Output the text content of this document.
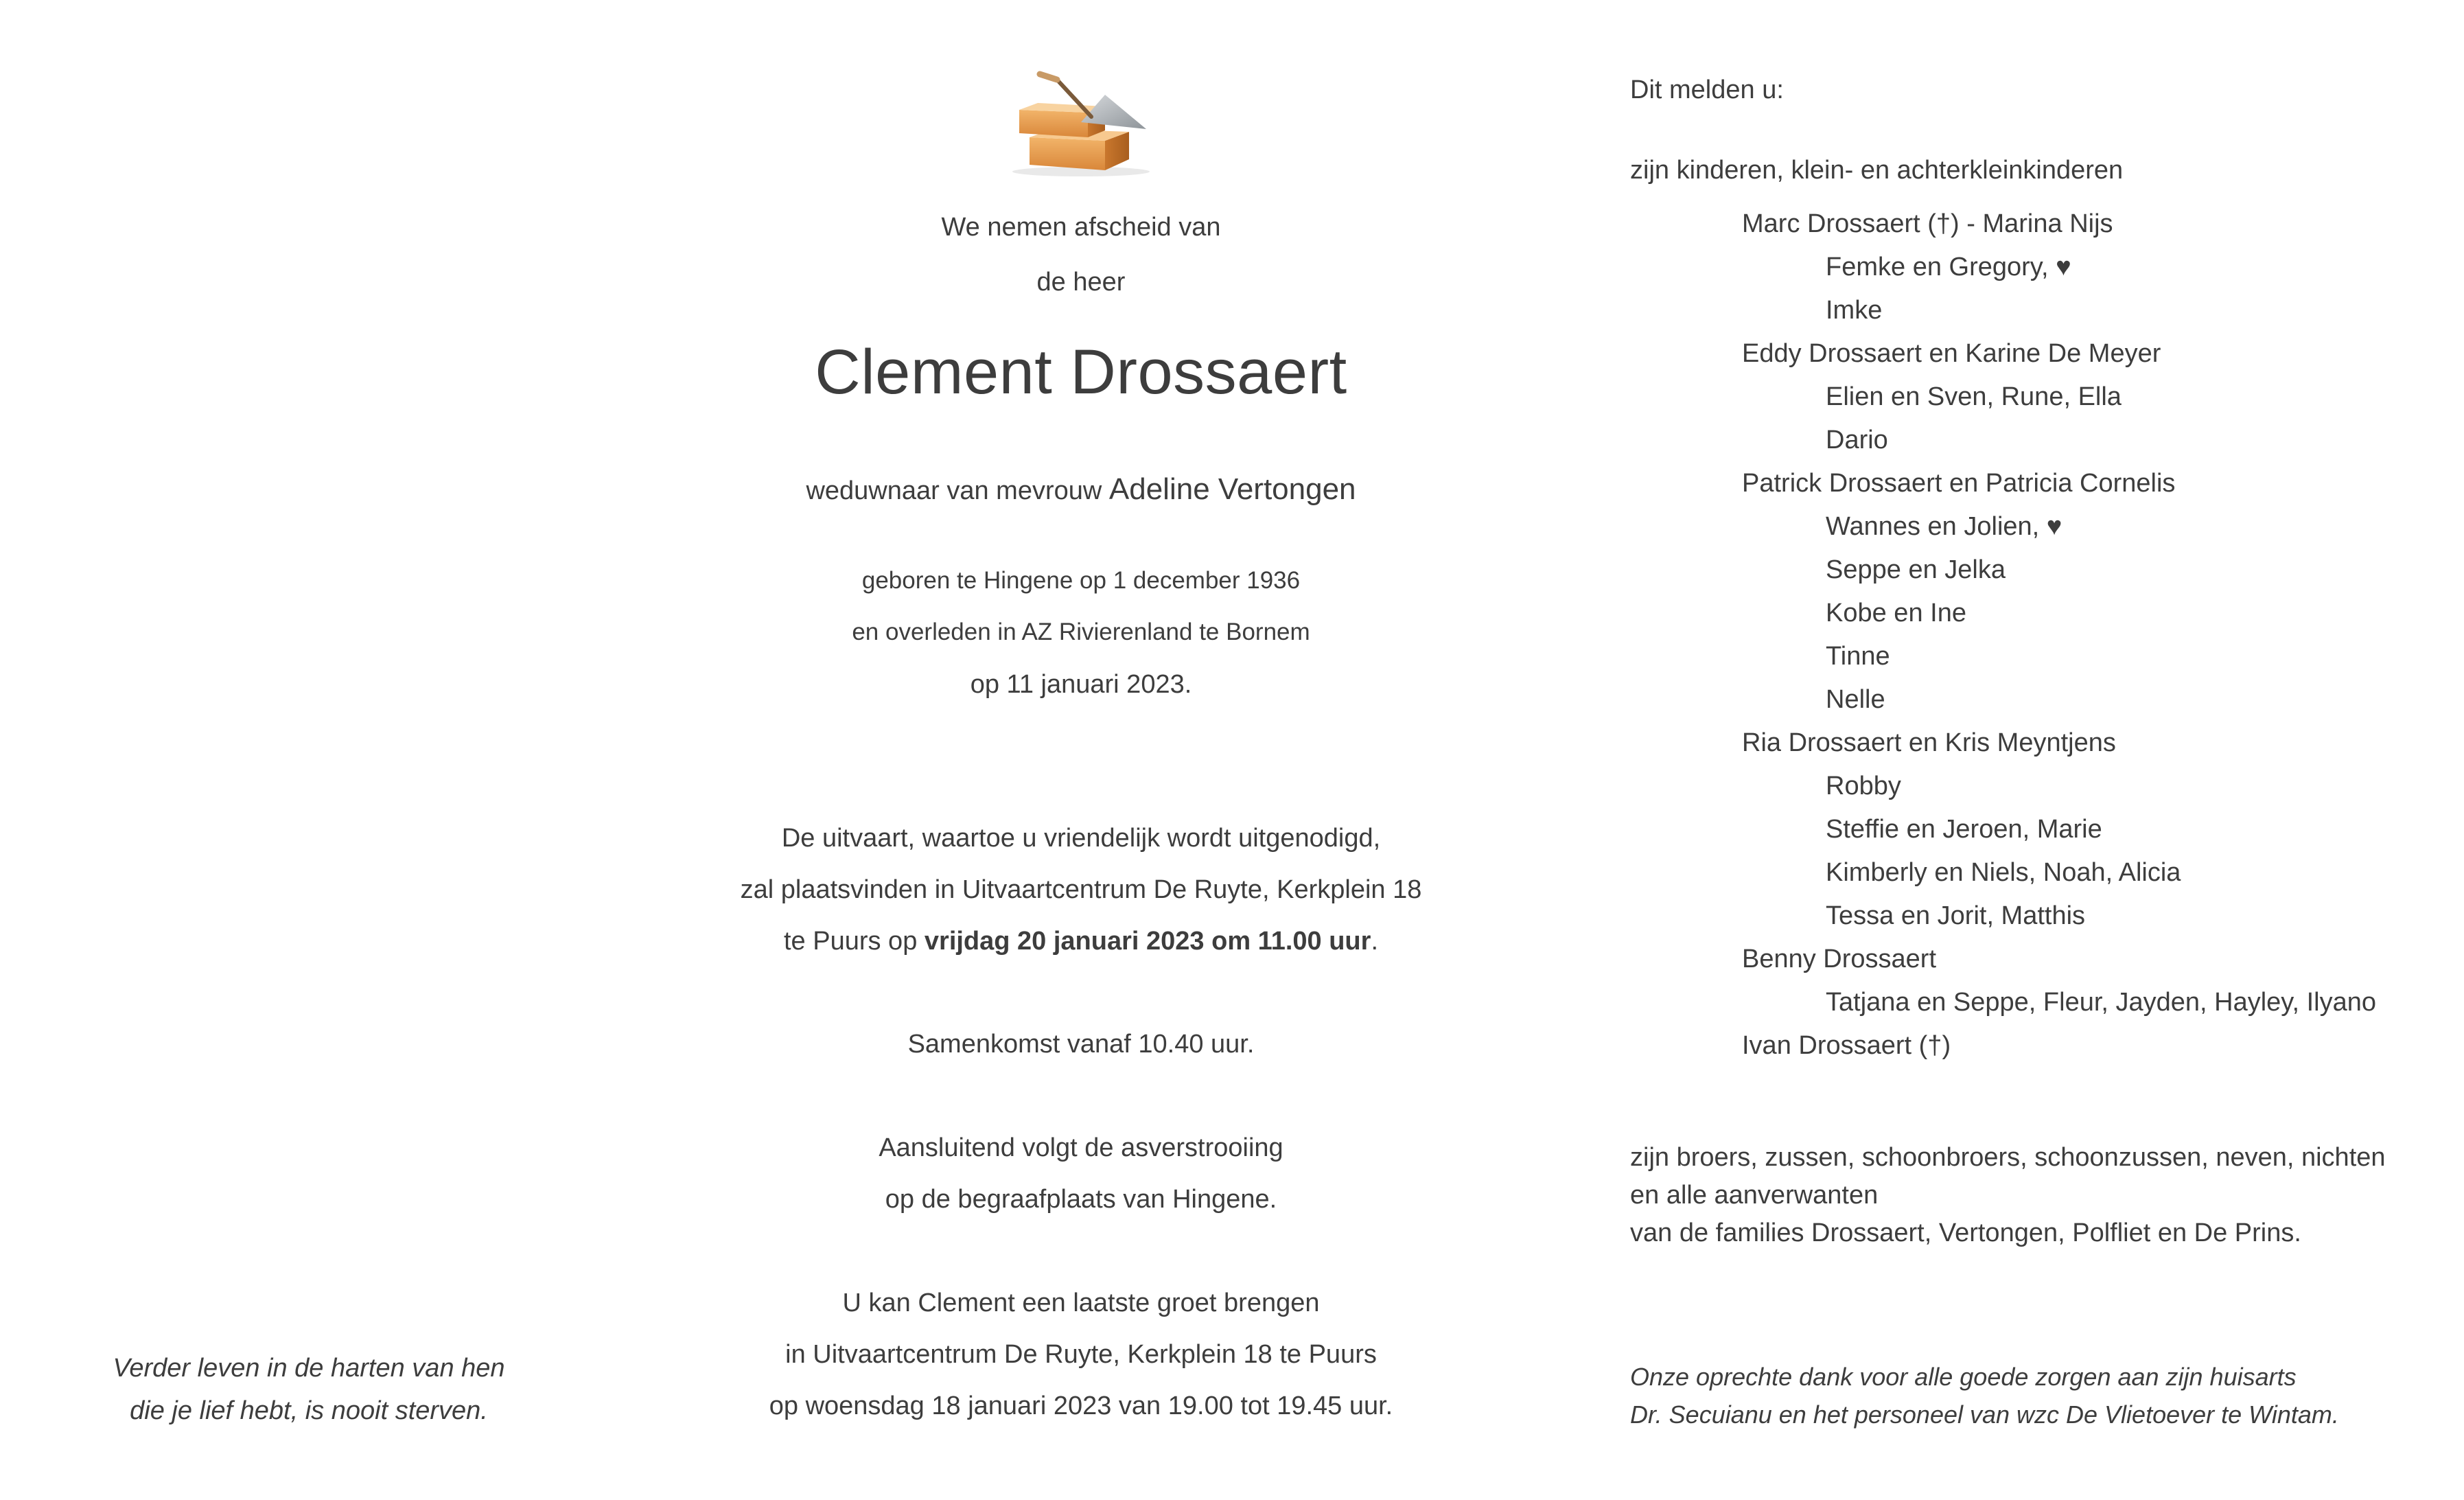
Verder leven in de harten van hen
die je lief hebt, is nooit sterven.
We nemen afscheid van
de heer
Clement Drossaert
weduwnaar van mevrouw Adeline Vertongen
geboren te Hingene op 1 december 1936
en overleden in AZ Rivierenland te Bornem
op 11 januari 2023.
De uitvaart, waartoe u vriendelijk wordt uitgenodigd,
zal plaatsvinden in Uitvaartcentrum De Ruyte, Kerkplein 18
te Puurs op vrijdag 20 januari 2023 om 11.00 uur.
Samenkomst vanaf 10.40 uur.
Aansluitend volgt de asverstrooiing
op de begraafplaats van Hingene.
U kan Clement een laatste groet brengen
in Uitvaartcentrum De Ruyte, Kerkplein 18 te Puurs
op woensdag 18 januari 2023 van 19.00 tot 19.45 uur.
Dit melden u:
zijn kinderen, klein- en achterkleinkinderen
Marc Drossaert (†) - Marina Nijs
Femke en Gregory, ♥
Imke
Eddy Drossaert en Karine De Meyer
Elien en Sven, Rune, Ella
Dario
Patrick Drossaert en Patricia Cornelis
Wannes en Jolien, ♥
Seppe en Jelka
Kobe en Ine
Tinne
Nelle
Ria Drossaert en Kris Meyntjens
Robby
Steffie en Jeroen, Marie
Kimberly en Niels, Noah, Alicia
Tessa en Jorit, Matthis
Benny Drossaert
Tatjana en Seppe, Fleur, Jayden, Hayley, Ilyano
Ivan Drossaert (†)
zijn broers, zussen, schoonbroers, schoonzussen, neven, nichten
en alle aanverwanten
van de families Drossaert, Vertongen, Polfliet en De Prins.
Onze oprechte dank voor alle goede zorgen aan zijn huisarts
Dr. Secuianu en het personeel van wzc De Vlietoever te Wintam.
